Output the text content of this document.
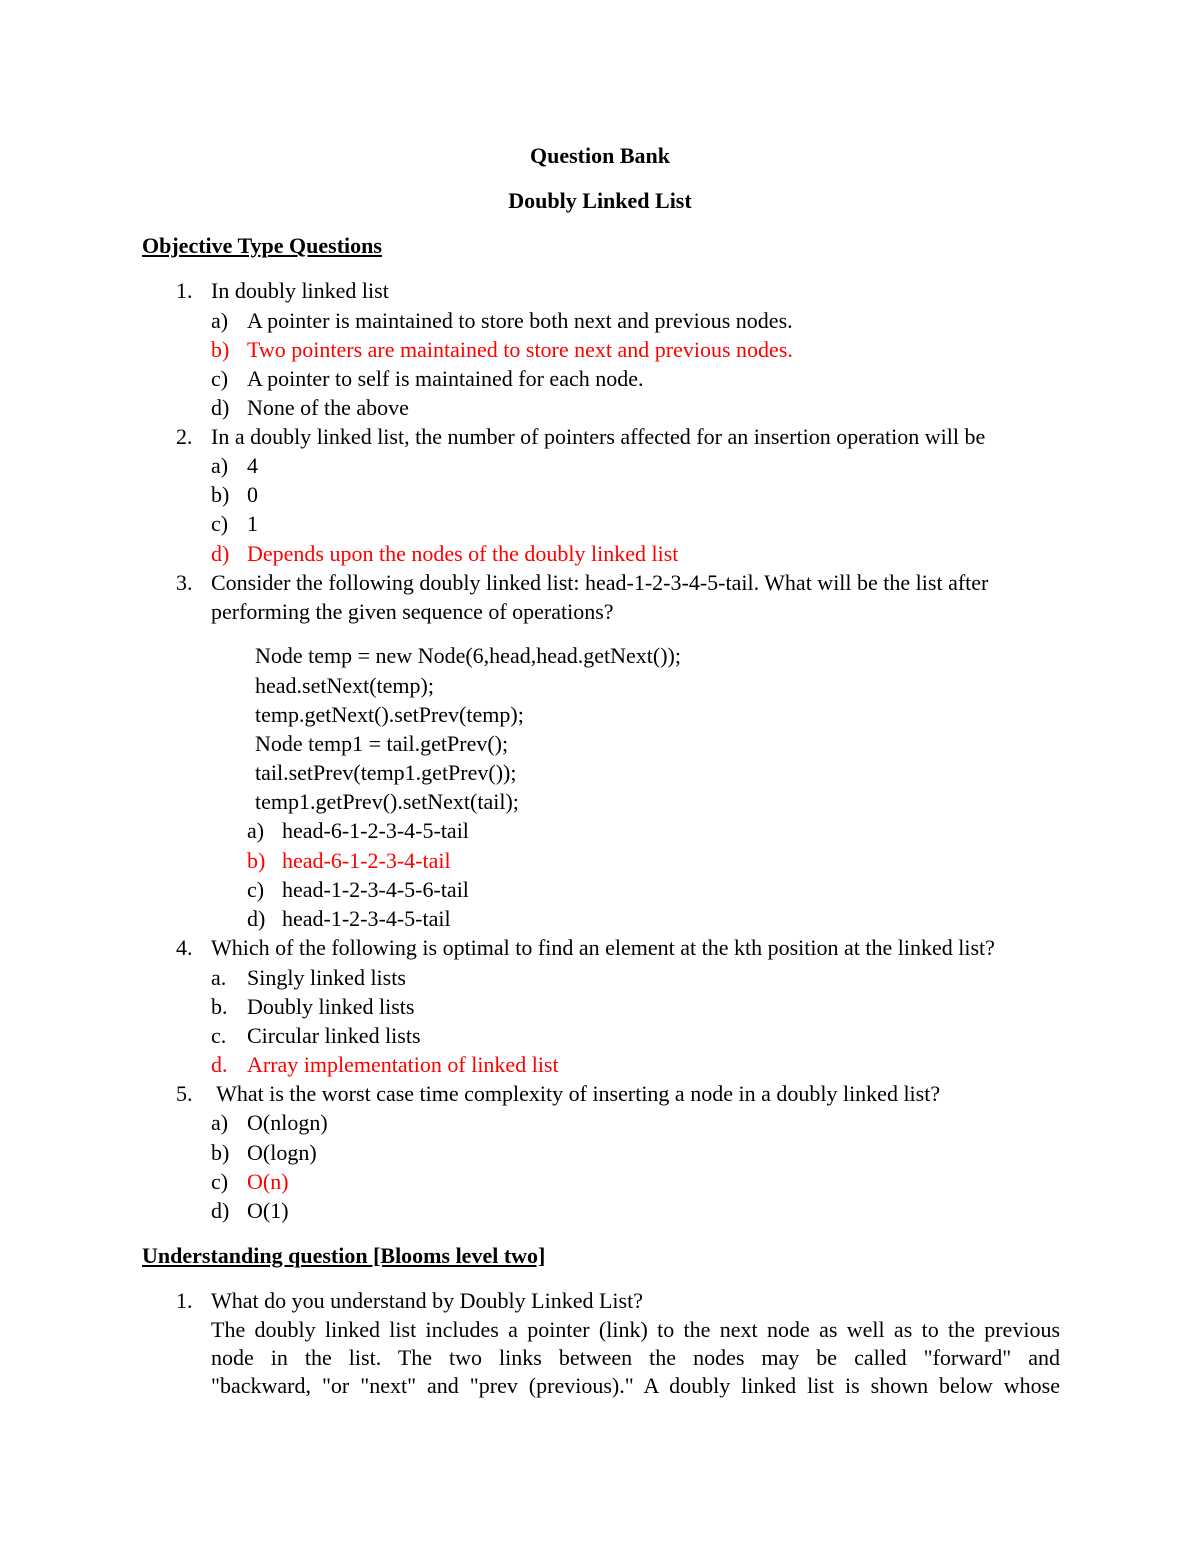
Question Bank
Doubly Linked List
Objective Type Questions
1. In doubly linked list
a) A pointer is maintained to store both next and previous nodes.
b) Two pointers are maintained to store next and previous nodes.
c) A pointer to self is maintained for each node.
d) None of the above
2. In a doubly linked list, the number of pointers affected for an insertion operation will be
a) 4
b) 0
c) 1
d) Depends upon the nodes of the doubly linked list
3. Consider the following doubly linked list: head-1-2-3-4-5-tail. What will be the list after
performing the given sequence of operations?
Node temp = new Node(6,head,head.getNext());
head.setNext(temp);
temp.getNext().setPrev(temp);
Node temp1 = tail.getPrev();
tail.setPrev(temp1.getPrev());
temp1.getPrev().setNext(tail);
a) head-6-1-2-3-4-5-tail
b) head-6-1-2-3-4-tail
c) head-1-2-3-4-5-6-tail
d) head-1-2-3-4-5-tail
4. Which of the following is optimal to find an element at the kth position at the linked list?
a. Singly linked lists
b. Doubly linked lists
c. Circular linked lists
d. Array implementation of linked list
5. What is the worst case time complexity of inserting a node in a doubly linked list?
a) O(nlogn)
b) O(logn)
c) O(n)
d) O(1)
Understanding question [Blooms level two]
1. What do you understand by Doubly Linked List?
The doubly linked list includes a pointer (link) to the next node as well as to the previous
node in the list. The two links between the nodes may be called "forward" and
"backward, "or "next" and "prev (previous)." A doubly linked list is shown below whose
